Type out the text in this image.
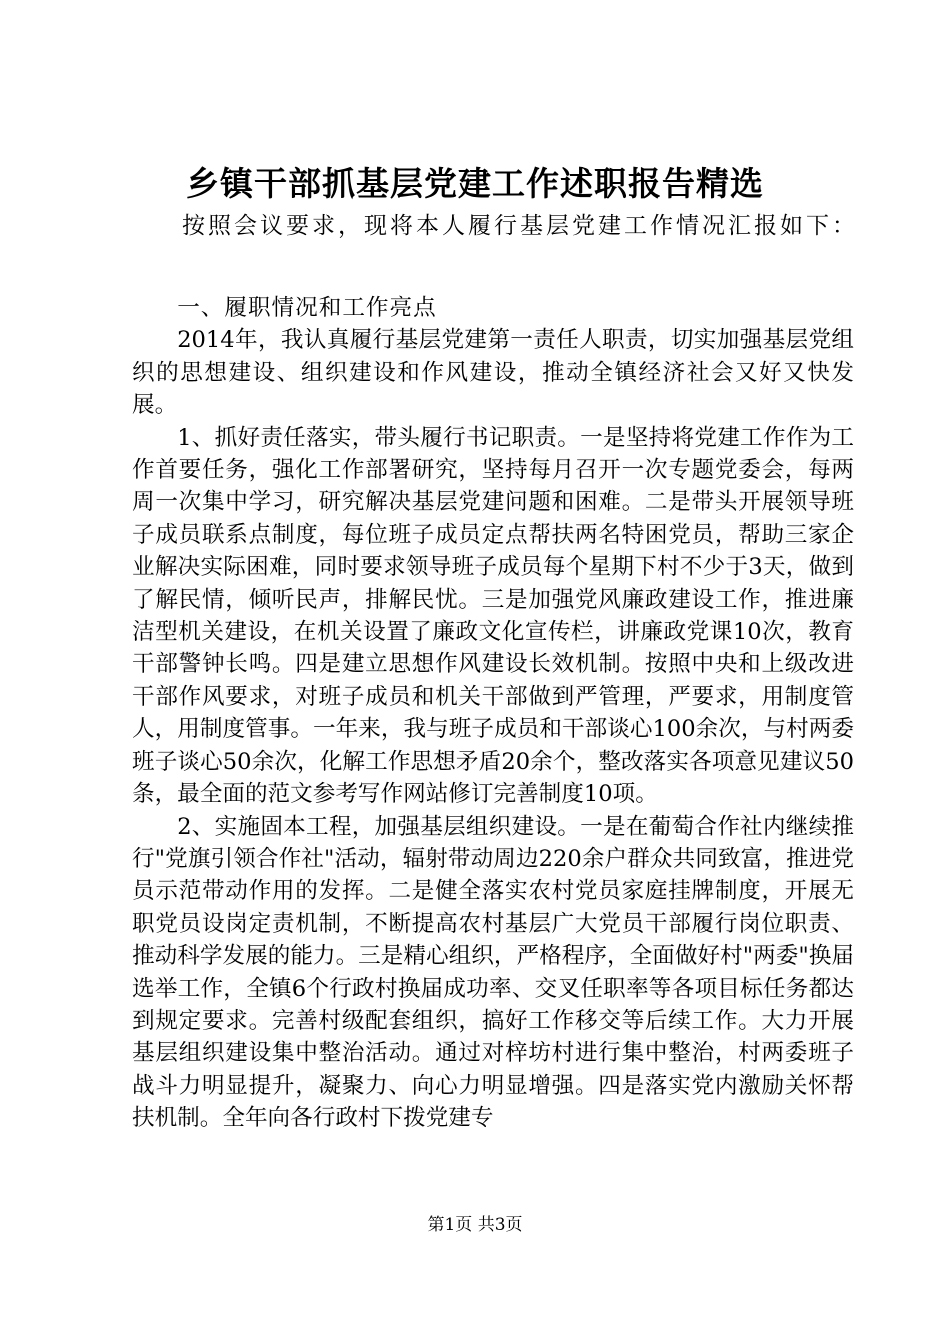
乡镇干部抓基层党建工作述职报告精选
按照会议要求，现将本人履行基层党建工作情况汇报如下：

一、履职情况和工作亮点

2014年，我认真履行基层党建第一责任人职责，切实加强基层党组织的思想建设、组织建设和作风建设，推动全镇经济社会又好又快发展。

1、抓好责任落实，带头履行书记职责。一是坚持将党建工作作为工作首要任务，强化工作部署研究，坚持每月召开一次专题党委会，每两周一次集中学习，研究解决基层党建问题和困难。二是带头开展领导班子成员联系点制度，每位班子成员定点帮扶两名特困党员，帮助三家企业解决实际困难，同时要求领导班子成员每个星期下村不少于3天，做到了解民情，倾听民声，排解民忧。三是加强党风廉政建设工作，推进廉洁型机关建设，在机关设置了廉政文化宣传栏，讲廉政党课10次，教育干部警钟长鸣。四是建立思想作风建设长效机制。按照中央和上级改进干部作风要求，对班子成员和机关干部做到严管理，严要求，用制度管人，用制度管事。一年来，我与班子成员和干部谈心100余次，与村两委班子谈心50余次，化解工作思想矛盾20余个，整改落实各项意见建议50条，最全面的范文参考写作网站修订完善制度10项。

2、实施固本工程，加强基层组织建设。一是在葡萄合作社内继续推行"党旗引领合作社"活动，辐射带动周边220余户群众共同致富，推进党员示范带动作用的发挥。二是健全落实农村党员家庭挂牌制度，开展无职党员设岗定责机制，不断提高农村基层广大党员干部履行岗位职责、推动科学发展的能力。三是精心组织，严格程序，全面做好村"两委"换届选举工作，全镇6个行政村换届成功率、交叉任职率等各项目标任务都达到规定要求。完善村级配套组织，搞好工作移交等后续工作。大力开展基层组织建设集中整治活动。通过对梓坊村进行集中整治，村两委班子战斗力明显提升，凝聚力、向心力明显增强。四是落实党内激励关怀帮扶机制。全年向各行政村下拨党建专

第1页 共3页
